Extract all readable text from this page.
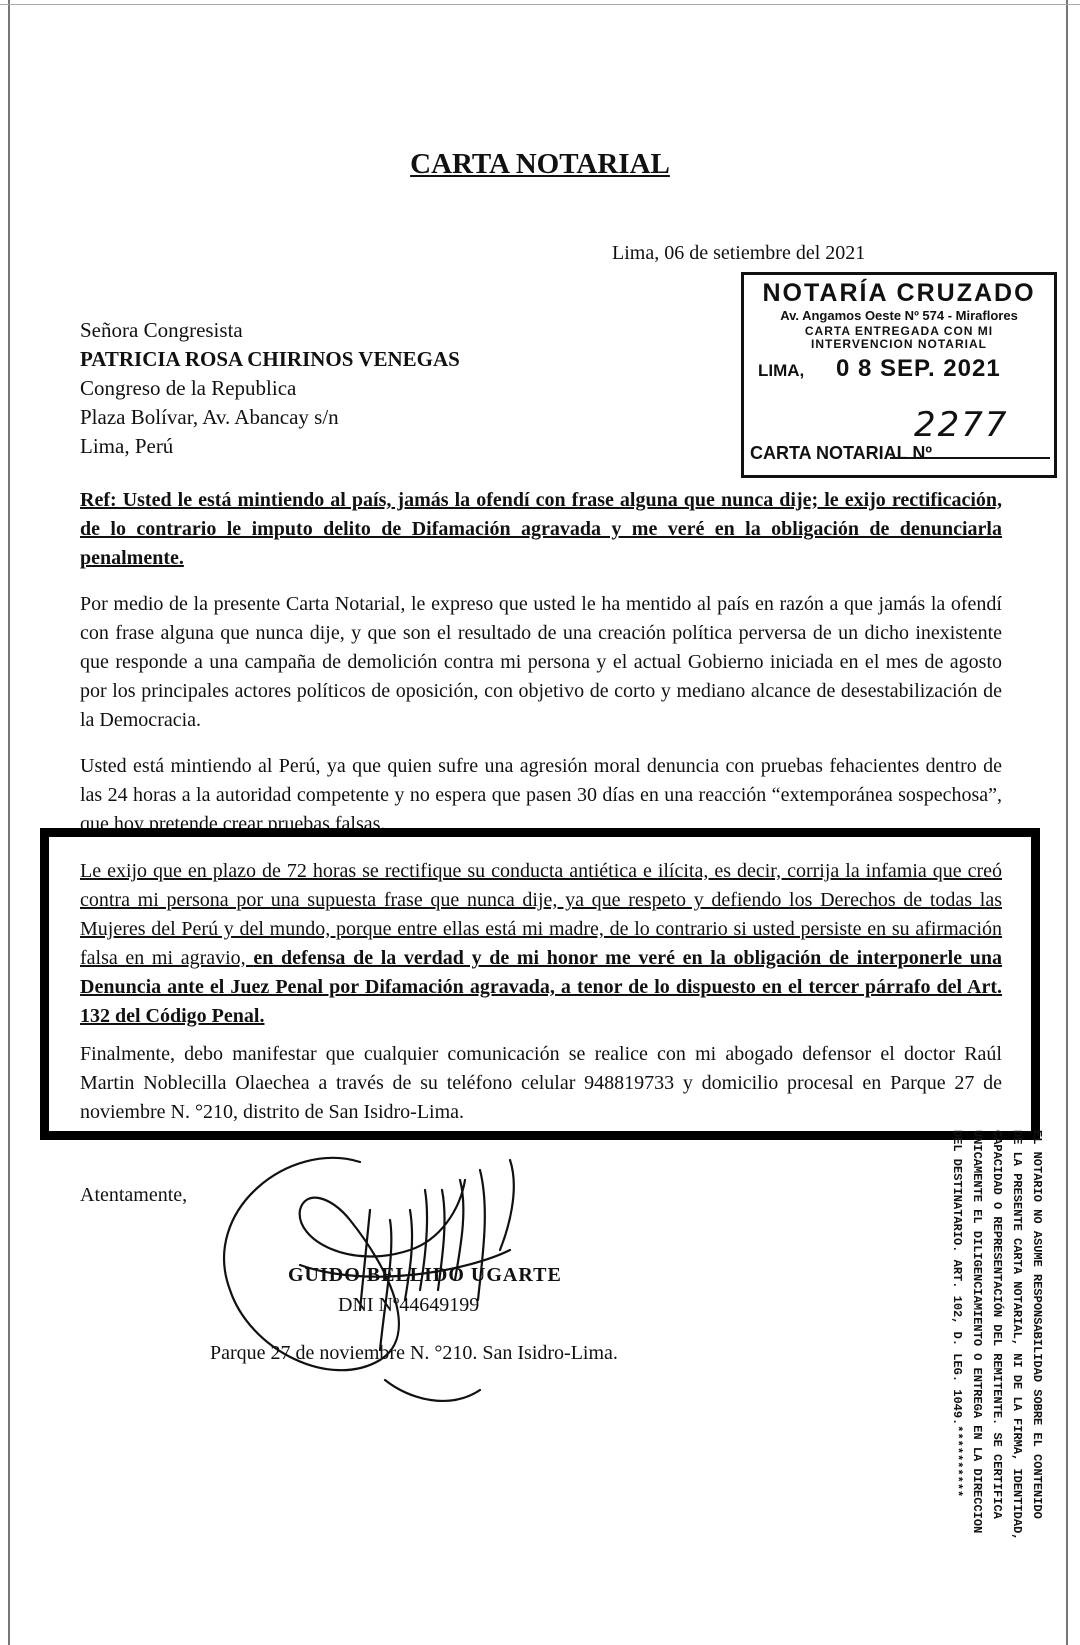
CARTA NOTARIAL
Lima, 06 de setiembre del 2021
Señora Congresista
PATRICIA ROSA CHIRINOS VENEGAS
Congreso de la Republica
Plaza Bolívar, Av. Abancay s/n
Lima, Perú
NOTARÍA CRUZADO
Av. Angamos Oeste Nº 574 - Miraflores
CARTA ENTREGADA CON MI
INTERVENCION NOTARIAL
LIMA, 0 8 SEP. 2021
2277
CARTA NOTARIAL Nº

Ref: Usted le está mintiendo al país, jamás la ofendí con frase alguna que nunca dije; le exijo rectificación, de lo contrario le imputo delito de Difamación agravada y me veré en la obligación de denunciarla penalmente.

Por medio de la presente Carta Notarial, le expreso que usted le ha mentido al país en razón a que jamás la ofendí con frase alguna que nunca dije, y que son el resultado de una creación política perversa de un dicho inexistente que responde a una campaña de demolición contra mi persona y el actual Gobierno iniciada en el mes de agosto por los principales actores políticos de oposición, con objetivo de corto y mediano alcance de desestabilización de la Democracia.

Usted está mintiendo al Perú, ya que quien sufre una agresión moral denuncia con pruebas fehacientes dentro de las 24 horas a la autoridad competente y no espera que pasen 30 días en una reacción “extemporánea sospechosa”, que hoy pretende crear pruebas falsas.

Le exijo que en plazo de 72 horas se rectifique su conducta antiética e ilícita, es decir, corrija la infamia que creó contra mi persona por una supuesta frase que nunca dije, ya que respeto y defiendo los Derechos de todas las Mujeres del Perú y del mundo, porque entre ellas está mi madre, de lo contrario si usted persiste en su afirmación falsa en mi agravio, en defensa de la verdad y de mi honor me veré en la obligación de interponerle una Denuncia ante el Juez Penal por Difamación agravada, a tenor de lo dispuesto en el tercer párrafo del Art. 132 del Código Penal.

Finalmente, debo manifestar que cualquier comunicación se realice con mi abogado defensor el doctor Raúl Martin Noblecilla Olaechea a través de su teléfono celular 948819733 y domicilio procesal en Parque 27 de noviembre N. °210, distrito de San Isidro-Lima.

Atentamente,
GUIDO BELLIDO UGARTE
DNI Nº44649199
Parque 27 de noviembre N. °210. San Isidro-Lima.	EL NOTARIO NO ASUME RESPONSABILIDAD SOBRE EL CONTENIDO
DE LA PRESENTE CARTA NOTARIAL, NI DE LA FIRMA, IDENTIDAD,
CAPACIDAD O REPRESENTACIÓN DEL REMITENTE. SE CERTIFICA
UNICAMENTE EL DILIGENCIAMIENTO O ENTREGA EN LA DIRECCION
DEL DESTINATARIO. ART. 102, D. LEG. 1049.**********
